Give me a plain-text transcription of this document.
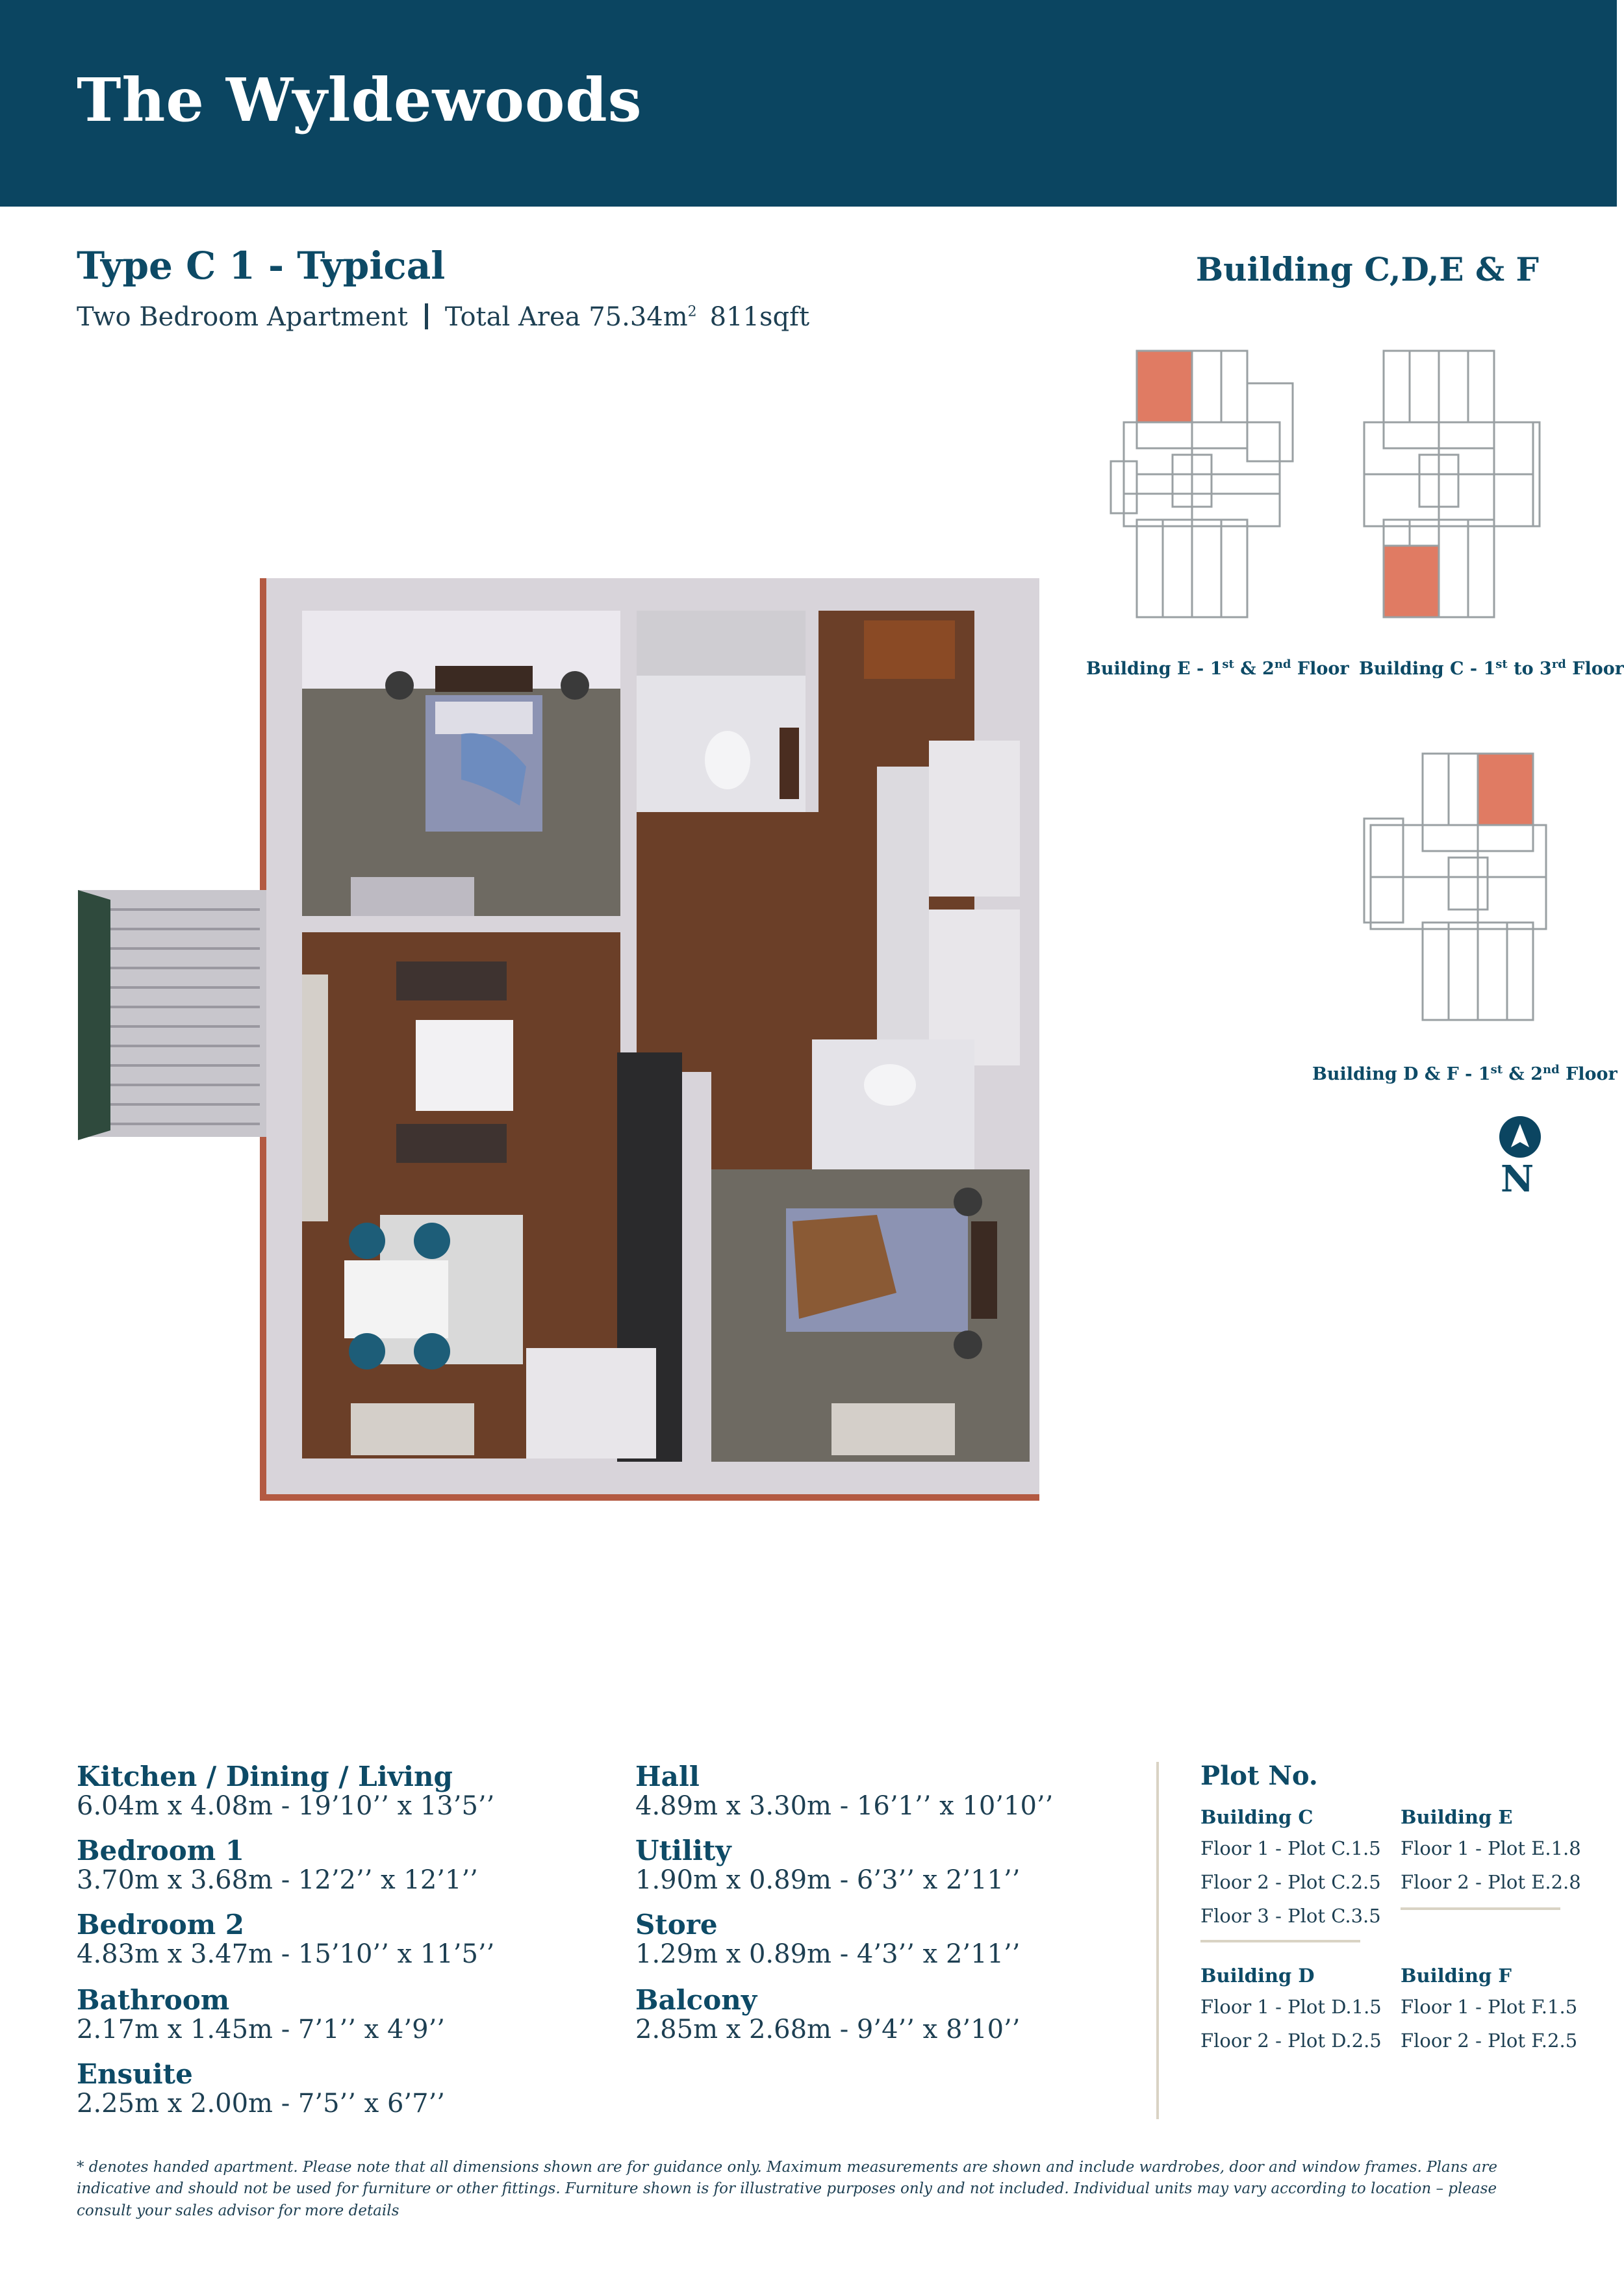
The Wyldewoods
Type C 1 - Typical
Two Bedroom Apartment Total Area $75.34m^2$ 811sqft
Building C,D,E & F
Building E - 1st & 2nd Floor Building C - 1st to 3rd Floor
Building D & F - 1st & 2nd Floor
N
Kitchen / Dining / Living
6.04m x 4.08m - 19’10’’ x 13’5’’
Bedroom 1
3.70m x 3.68m - 12’2’’ x 12’1’’
Bedroom 2
4.83m x 3.47m - 15’10’’ x 11’5’’
Bathroom
2.17m x 1.45m - 7’1’’ x 4’9’’
Ensuite
2.25m x 2.00m - 7’5’’ x 6’7’’
Hall
4.89m x 3.30m - 16’1’’ x 10’10’’
Utility
1.90m x 0.89m - 6’3’’ x 2’11’’
Store
1.29m x 0.89m - 4’3’’ x 2’11’’
Balcony
2.85m x 2.68m - 9’4’’ x 8’10’’
Plot No.
Building C
Floor 1 - Plot C.1.5
Floor 2 - Plot C.2.5
Floor 3 - Plot C.3.5
Building E
Floor 1 - Plot E.1.8
Floor 2 - Plot E.2.8
Building D
Floor 1 - Plot D.1.5
Floor 2 - Plot D.2.5
Building F
Floor 1 - Plot F.1.5
Floor 2 - Plot F.2.5
* denotes handed apartment. Please note that all dimensions shown are for guidance only. Maximum measurements are shown and include wardrobes, door and window frames. Plans are indicative and should not be used for furniture or other fittings. Furniture shown is for illustrative purposes only and not included. Individual units may vary according to location – please consult your sales advisor for more details
